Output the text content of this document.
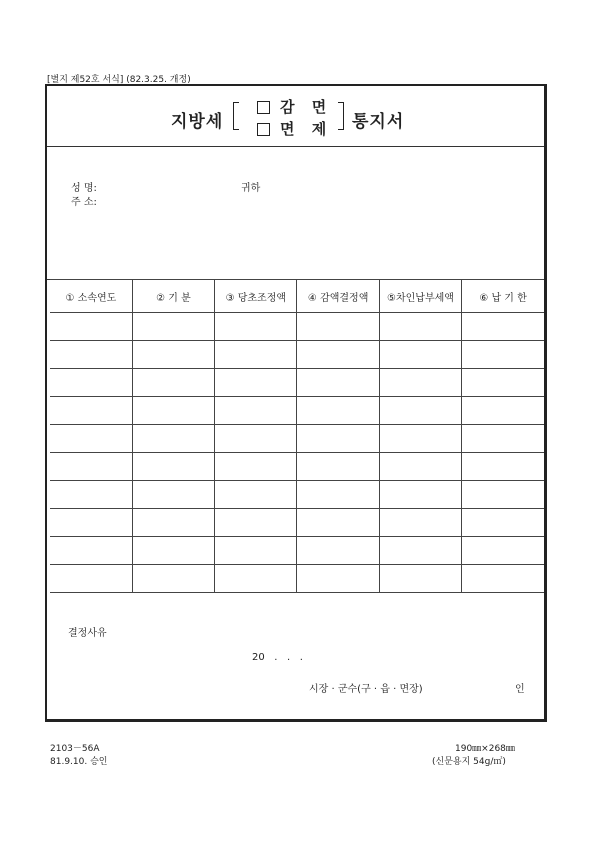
[별지 제52호 서식] (82.3.25. 개정)
지방세
감 면
면 제 통지서
성 명:	귀하
주 소:
① 소속연도	② 기 분	③ 당초조정액	④ 감액결정액	⑤차인납부세액	⑥ 납 기 한

결정사유
20   .   .   .
시장 · 군수(구 · 읍 · 면장)	인
2103－56A
81.9.10. 승인
190㎜×268㎜
(신문용지 54g/㎡)
